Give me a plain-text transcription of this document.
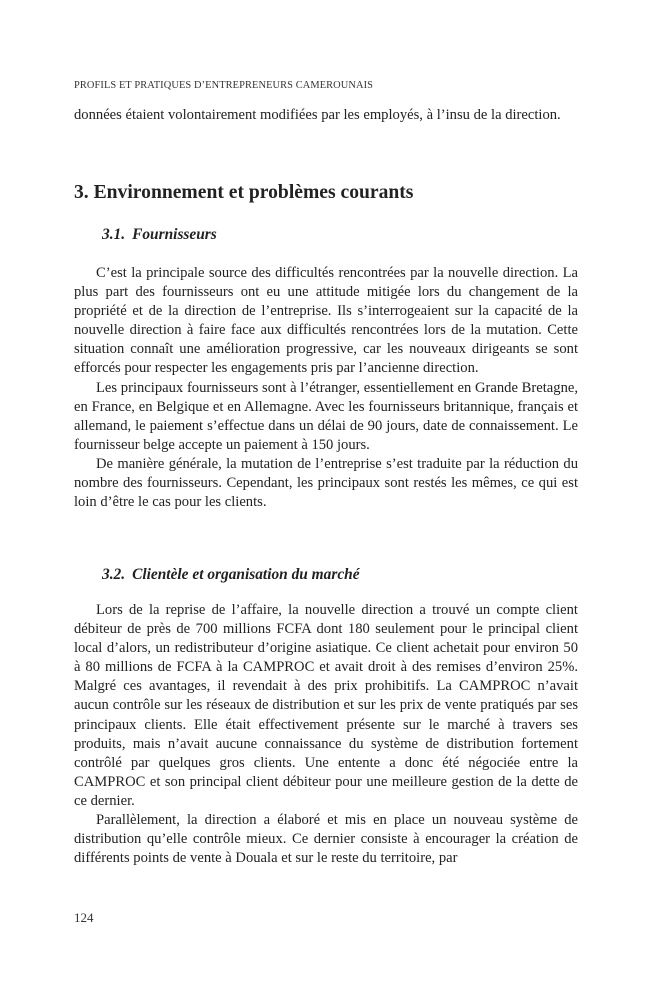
PROFILS ET PRATIQUES D’ENTREPRENEURS CAMEROUNAIS

données étaient volontairement modifiées par les employés, à l’insu de la direction.

3. Environnement et problèmes courants
3.1. Fournisseurs

C’est la principale source des difficultés rencontrées par la nouvelle direction. La plus part des fournisseurs ont eu une attitude mitigée lors du changement de la propriété et de la direction de l’entreprise. Ils s’interrogeaient sur la capacité de la nouvelle direction à faire face aux difficultés rencontrées lors de la mutation. Cette situation connaît une amélioration progressive, car les nouveaux dirigeants se sont efforcés pour respecter les engagements pris par l’ancienne direction.

Les principaux fournisseurs sont à l’étranger, essentiellement en Grande Bretagne, en France, en Belgique et en Allemagne. Avec les fournisseurs britannique, français et allemand, le paiement s’effectue dans un délai de 90 jours, date de connaissement. Le fournisseur belge accepte un paiement à 150 jours.

De manière générale, la mutation de l’entreprise s’est traduite par la réduction du nombre des fournisseurs. Cependant, les principaux sont restés les mêmes, ce qui est loin d’être le cas pour les clients.

3.2. Clientèle et organisation du marché

Lors de la reprise de l’affaire, la nouvelle direction a trouvé un compte client débiteur de près de 700 millions FCFA dont 180 seulement pour le principal client local d’alors, un redistributeur d’origine asiatique. Ce client achetait pour environ 50 à 80 millions de FCFA à la CAMPROC et avait droit à des remises d’environ 25%. Malgré ces avantages, il revendait à des prix prohibitifs. La CAMPROC n’avait aucun contrôle sur les réseaux de distribution et sur les prix de vente pratiqués par ses principaux clients. Elle était effectivement présente sur le marché à travers ses produits, mais n’avait aucune connaissance du système de distribution fortement contrôlé par quelques gros clients. Une entente a donc été négociée entre la CAMPROC et son principal client débiteur pour une meilleure gestion de la dette de ce dernier.

Parallèlement, la direction a élaboré et mis en place un nouveau système de distribution qu’elle contrôle mieux. Ce dernier consiste à encourager la création de différents points de vente à Douala et sur le reste du territoire, par

124
